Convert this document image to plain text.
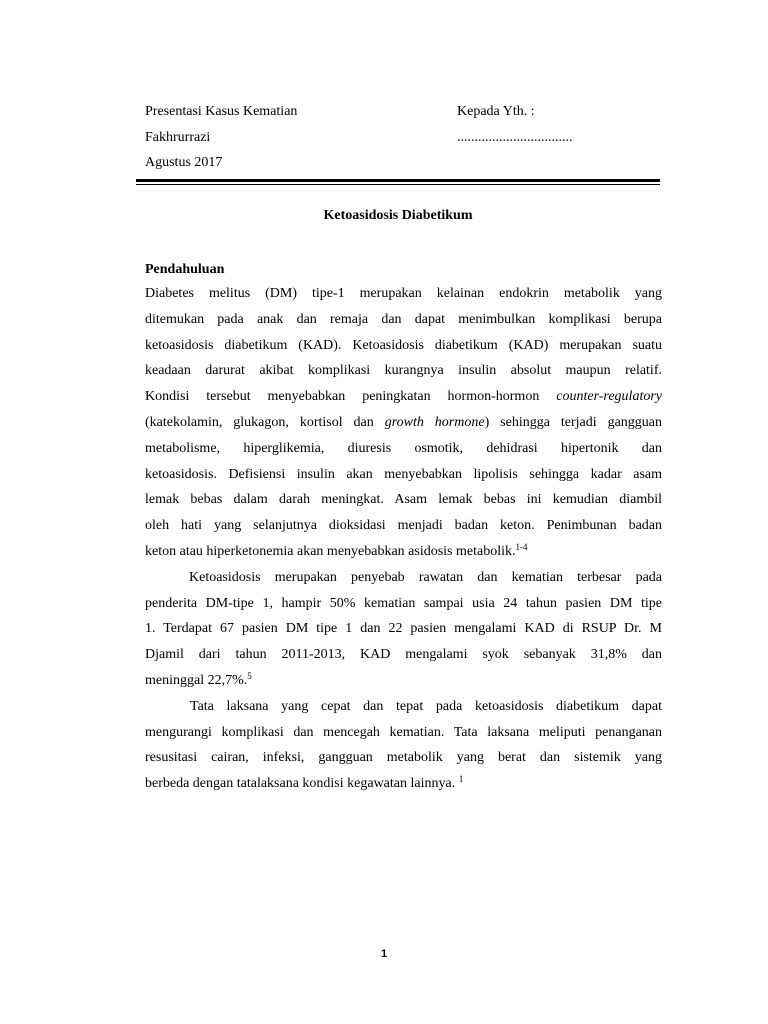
Presentasi Kasus Kematian
Fakhrurrazi
Agustus 2017
Kepada Yth. :
.................................
Ketoasidosis Diabetikum
Pendahuluan
Diabetes melitus (DM) tipe-1 merupakan kelainan endokrin metabolik yang
ditemukan pada anak dan remaja dan dapat menimbulkan komplikasi berupa
ketoasidosis diabetikum (KAD). Ketoasidosis diabetikum (KAD) merupakan suatu
keadaan darurat akibat komplikasi kurangnya insulin absolut maupun relatif.
Kondisi tersebut menyebabkan peningkatan hormon-hormon counter-regulatory
(katekolamin, glukagon, kortisol dan growth hormone) sehingga terjadi gangguan
metabolisme, hiperglikemia, diuresis osmotik, dehidrasi hipertonik dan
ketoasidosis. Defisiensi insulin akan menyebabkan lipolisis sehingga kadar asam
lemak bebas dalam darah meningkat. Asam lemak bebas ini kemudian diambil
oleh hati yang selanjutnya dioksidasi menjadi badan keton. Penimbunan badan
keton atau hiperketonemia akan menyebabkan asidosis metabolik.$^{1-4}$
Ketoasidosis merupakan penyebab rawatan dan kematian terbesar pada
penderita DM-tipe 1, hampir 50% kematian sampai usia 24 tahun pasien DM tipe
1. Terdapat 67 pasien DM tipe 1 dan 22 pasien mengalami KAD di RSUP Dr. M
Djamil dari tahun 2011-2013, KAD mengalami syok sebanyak 31,8% dan
meninggal 22,7%.$^5$
Tata laksana yang cepat dan tepat pada ketoasidosis diabetikum dapat
mengurangi komplikasi dan mencegah kematian. Tata laksana meliputi penanganan
resusitasi cairan, infeksi, gangguan metabolik yang berat dan sistemik yang
berbeda dengan tatalaksana kondisi kegawatan lainnya. $^1$
1
